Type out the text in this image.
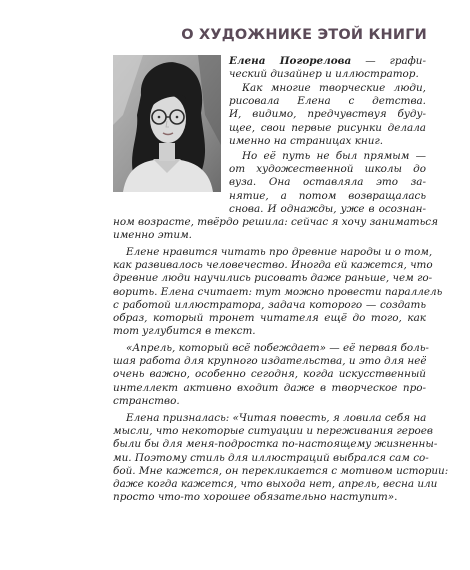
О ХУДОЖНИКЕ ЭТОЙ КНИГИ
Елена Погорелова — графи-
ческий дизайнер и иллюстратор.
Как многие творческие люди,
рисовала Елена с детства.
И, видимо, предчувствуя буду-
щее, свои первые рисунки делала
именно на страницах книг.
Но её путь не был прямым —
от художественной школы до
вуза. Она оставляла это за-
нятие, а потом возвращалась
снова. И однажды, уже в осознан-
ном возрасте, твёрдо решила: сейчас я хочу заниматься
именно этим.
Елене нравится читать про древние народы и о том,
как развивалось человечество. Иногда ей кажется, что
древние люди научились рисовать даже раньше, чем го-
ворить. Елена считает: тут можно провести параллель
с работой иллюстратора, задача которого — создать
образ, который тронет читателя ещё до того, как
тот углубится в текст.
«Апрель, который всё побеждает» — её первая боль-
шая работа для крупного издательства, и это для неё
очень важно, особенно сегодня, когда искусственный
интеллект активно входит даже в творческое про-
странство.
Елена призналась: «Читая повесть, я ловила себя на
мысли, что некоторые ситуации и переживания героев
были бы для меня-подростка по-настоящему жизненны-
ми. Поэтому стиль для иллюстраций выбрался сам со-
бой. Мне кажется, он перекликается с мотивом истории:
даже когда кажется, что выхода нет, апрель, весна или
просто что-то хорошее обязательно наступит».
